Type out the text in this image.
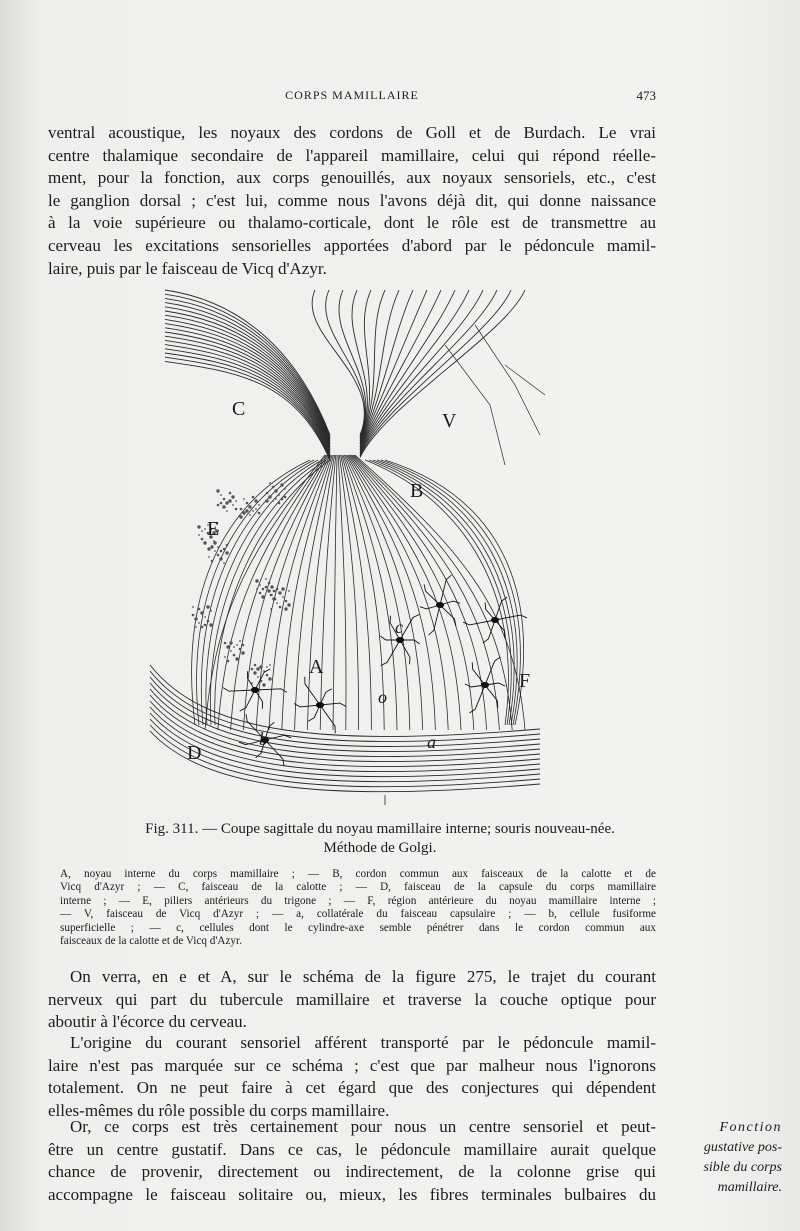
CORPS MAMILLAIRE	473
ventral acoustique, les noyaux des cordons de Goll et de Burdach. Le vrai
centre thalamique secondaire de l'appareil mamillaire, celui qui répond réelle-
ment, pour la fonction, aux corps genouillés, aux noyaux sensoriels, etc., c'est
le ganglion dorsal ; c'est lui, comme nous l'avons déjà dit, qui donne naissance
à la voie supérieure ou thalamo-corticale, dont le rôle est de transmettre au
cerveau les excitations sensorielles apportées d'abord par le pédoncule mamil-
laire, puis par le faisceau de Vicq d'Azyr.
C
V
B
E
c
A
o
F
D
b	a
Fig. 311. — Coupe sagittale du noyau mamillaire interne; souris nouveau-née.
Méthode de Golgi.
A, noyau interne du corps mamillaire ; — B, cordon commun aux faisceaux de la calotte et de
Vicq d'Azyr ; — C, faisceau de la calotte ; — D, faisceau de la capsule du corps mamillaire
interne ; — E, piliers antérieurs du trigone ; — F, région antérieure du noyau mamillaire interne ;
— V, faisceau de Vicq d'Azyr ; — a, collatérale du faisceau capsulaire ; — b, cellule fusiforme
superficielle ; — c, cellules dont le cylindre-axe semble pénétrer dans le cordon commun aux
faisceaux de la calotte et de Vicq d'Azyr.
On verra, en e et A, sur le schéma de la figure 275, le trajet du courant
nerveux qui part du tubercule mamillaire et traverse la couche optique pour
aboutir à l'écorce du cerveau.
L'origine du courant sensoriel afférent transporté par le pédoncule mamil-
laire n'est pas marquée sur ce schéma ; c'est que par malheur nous l'ignorons
totalement. On ne peut faire à cet égard que des conjectures qui dépendent
elles-mêmes du rôle possible du corps mamillaire.
Or, ce corps est très certainement pour nous un centre sensoriel et peut-
être un centre gustatif. Dans ce cas, le pédoncule mamillaire aurait quelque
chance de provenir, directement ou indirectement, de la colonne grise qui
accompagne le faisceau solitaire ou, mieux, les fibres terminales bulbaires du
Fonction
gustative pos-
sible du corps
mamillaire.
